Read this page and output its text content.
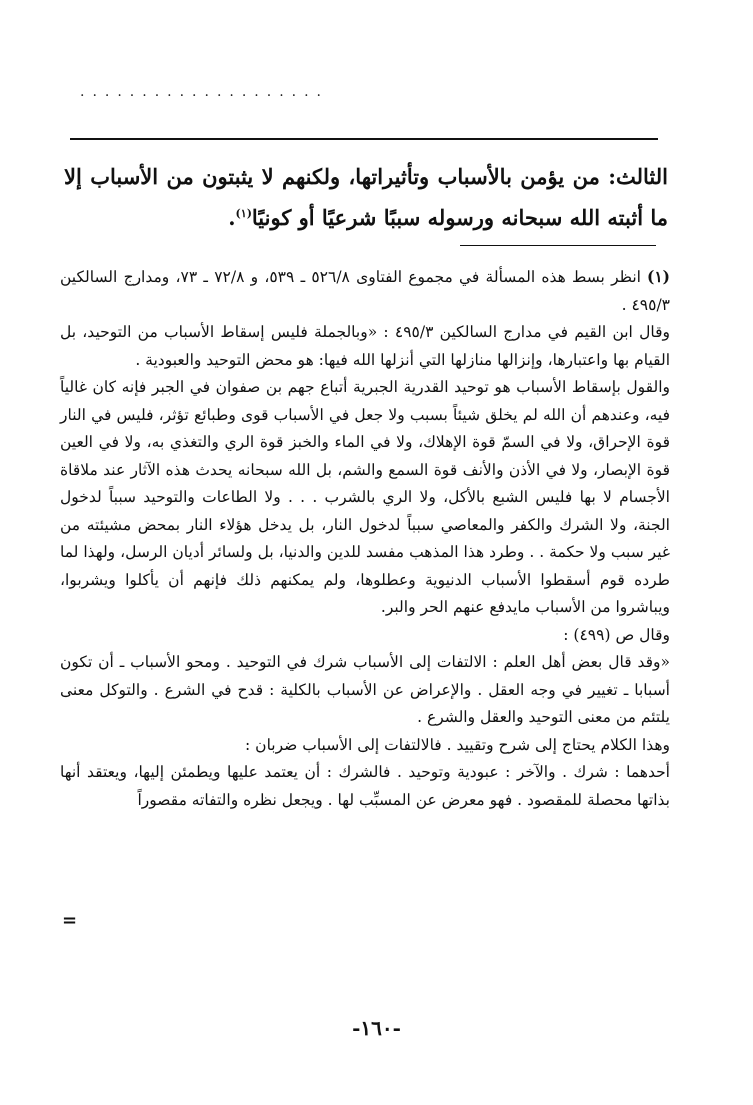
....................

الثالث: من يؤمن بالأسباب وتأثيراتها، ولكنهم لا يثبتون من الأسباب إلا ما أثبته الله سبحانه ورسوله سببًا شرعيًا أو كونيًا$^{(١)}$.

(١)انظر بسط هذه المسألة في مجموع الفتاوى ٥٢٦/٨ ـ ٥٣٩، و ٧٢/٨ ـ ٧٣، ومدارج السالكين ٤٩٥/٣ .

وقال ابن القيم في مدارج السالكين ٤٩٥/٣ : «وبالجملة فليس إسقاط الأسباب من التوحيد، بل القيام بها واعتبارها، وإنزالها منازلها التي أنزلها الله فيها: هو محض التوحيد والعبودية .

والقول بإسقاط الأسباب هو توحيد القدرية الجبرية أتباع جهم بن صفوان في الجبر فإنه كان غالياً فيه، وعندهم أن الله لم يخلق شيئاً بسبب ولا جعل في الأسباب قوى وطبائع تؤثر، فليس في النار قوة الإحراق، ولا في السمّ قوة الإهلاك، ولا في الماء والخبز قوة الري والتغذي به، ولا في العين قوة الإبصار، ولا في الأذن والأنف قوة السمع والشم، بل الله سبحانه يحدث هذه الآثار عند ملاقاة الأجسام لا بها فليس الشبع بالأكل، ولا الري بالشرب . . . ولا الطاعات والتوحيد سبباً لدخول الجنة، ولا الشرك والكفر والمعاصي سبباً لدخول النار، بل يدخل هؤلاء النار بمحض مشيئته من غير سبب ولا حكمة . . وطرد هذا المذهب مفسد للدين والدنيا، بل ولسائر أديان الرسل، ولهذا لما طرده قوم أسقطوا الأسباب الدنيوية وعطلوها، ولم يمكنهم ذلك فإنهم أن يأكلوا ويشربوا، ويباشروا من الأسباب مايدفع عنهم الحر والبر.

وقال ص (٤٩٩) :

«وقد قال بعض أهل العلم : الالتفات إلى الأسباب شرك في التوحيد . ومحو الأسباب ـ أن تكون أسبابا ـ تغيير في وجه العقل . والإعراض عن الأسباب بالكلية : قدح في الشرع . والتوكل معنى يلتئم من معنى التوحيد والعقل والشرع .

وهذا الكلام يحتاج إلى شرح وتقييد . فالالتفات إلى الأسباب ضربان :

أحدهما : شرك . والآخر : عبودية وتوحيد . فالشرك : أن يعتمد عليها ويطمئن إليها، ويعتقد أنها بذاتها محصلة للمقصود . فهو معرض عن المسبِّب لها . ويجعل نظره والتفاته مقصوراً

=
-١٦٠-
